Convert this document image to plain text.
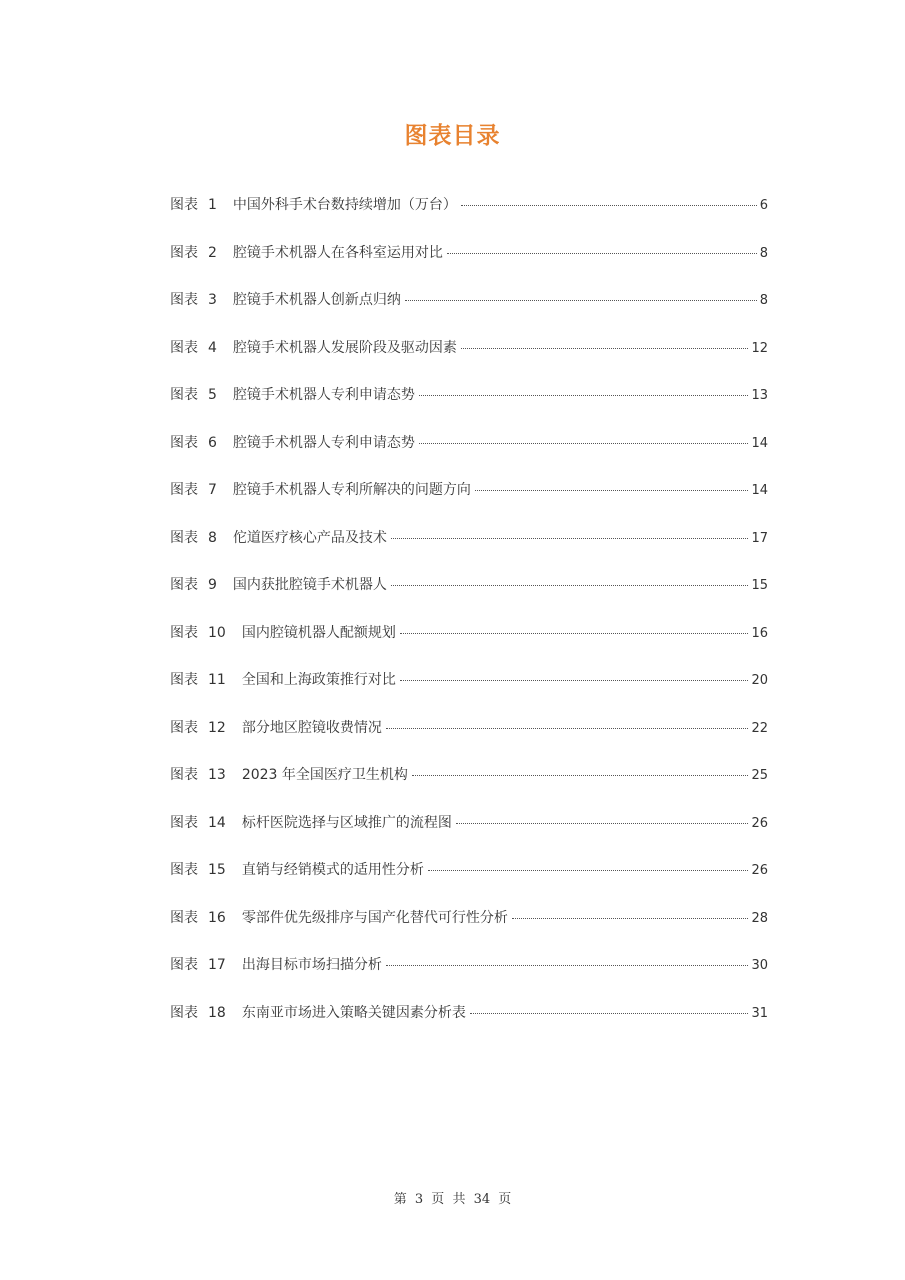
图表目录
图表 1 中国外科手术台数持续增加（万台）	6
图表 2 腔镜手术机器人在各科室运用对比	8
图表 3 腔镜手术机器人创新点归纳	8
图表 4 腔镜手术机器人发展阶段及驱动因素	12
图表 5 腔镜手术机器人专利申请态势	13
图表 6 腔镜手术机器人专利申请态势	14
图表 7 腔镜手术机器人专利所解决的问题方向	14
图表 8 佗道医疗核心产品及技术	17
图表 9 国内获批腔镜手术机器人	15
图表 10 国内腔镜机器人配额规划	16
图表 11 全国和上海政策推行对比	20
图表 12 部分地区腔镜收费情况	22
图表 13 2023 年全国医疗卫生机构	25
图表 14 标杆医院选择与区域推广的流程图	26
图表 15 直销与经销模式的适用性分析	26
图表 16 零部件优先级排序与国产化替代可行性分析	28
图表 17 出海目标市场扫描分析	30
图表 18 东南亚市场进入策略关键因素分析表	31
第 3 页 共 34 页
